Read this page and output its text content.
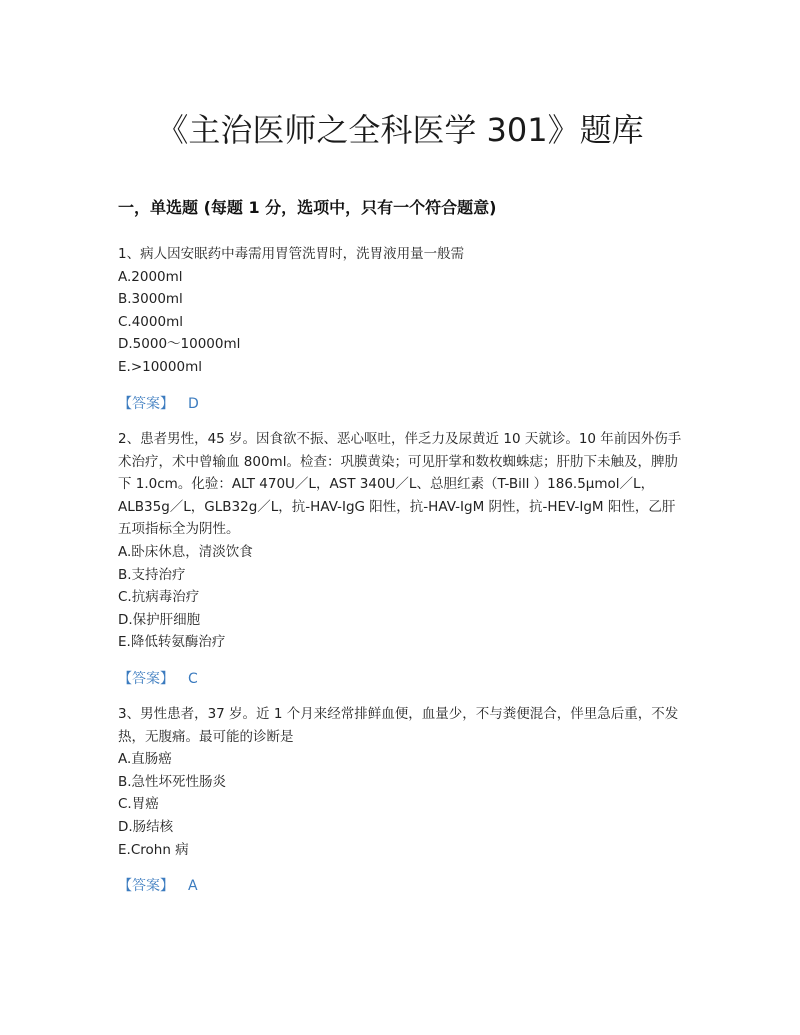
《主治医师之全科医学 301》题库
一，单选题 (每题 1 分，选项中，只有一个符合题意)

1、病人因安眠药中毒需用胃管洗胃时，洗胃液用量一般需

A.2000ml

B.3000ml

C.4000ml

D.5000～10000ml

E.>10000ml

【答案】 D

2、患者男性，45 岁。因食欲不振、恶心呕吐，伴乏力及尿黄近 10 天就诊。10 年前因外伤手术治疗，术中曾输血 800ml。检查：巩膜黄染；可见肝掌和数枚蜘蛛痣；肝肋下未触及，脾肋下 1.0cm。化验：ALT 470U／L，AST 340U／L、总胆红素（T-Bill ）186.5μmol／L，ALB35g／L，GLB32g／L，抗-HAV-IgG 阳性，抗-HAV-IgM 阴性，抗-HEV-IgM 阳性，乙肝五项指标全为阴性。

A.卧床休息，清淡饮食

B.支持治疗

C.抗病毒治疗

D.保护肝细胞

E.降低转氨酶治疗

【答案】 C

3、男性患者，37 岁。近 1 个月来经常排鲜血便，血量少，不与粪便混合，伴里急后重，不发热，无腹痛。最可能的诊断是

A.直肠癌

B.急性坏死性肠炎

C.胃癌

D.肠结核

E.Crohn 病

【答案】 A
